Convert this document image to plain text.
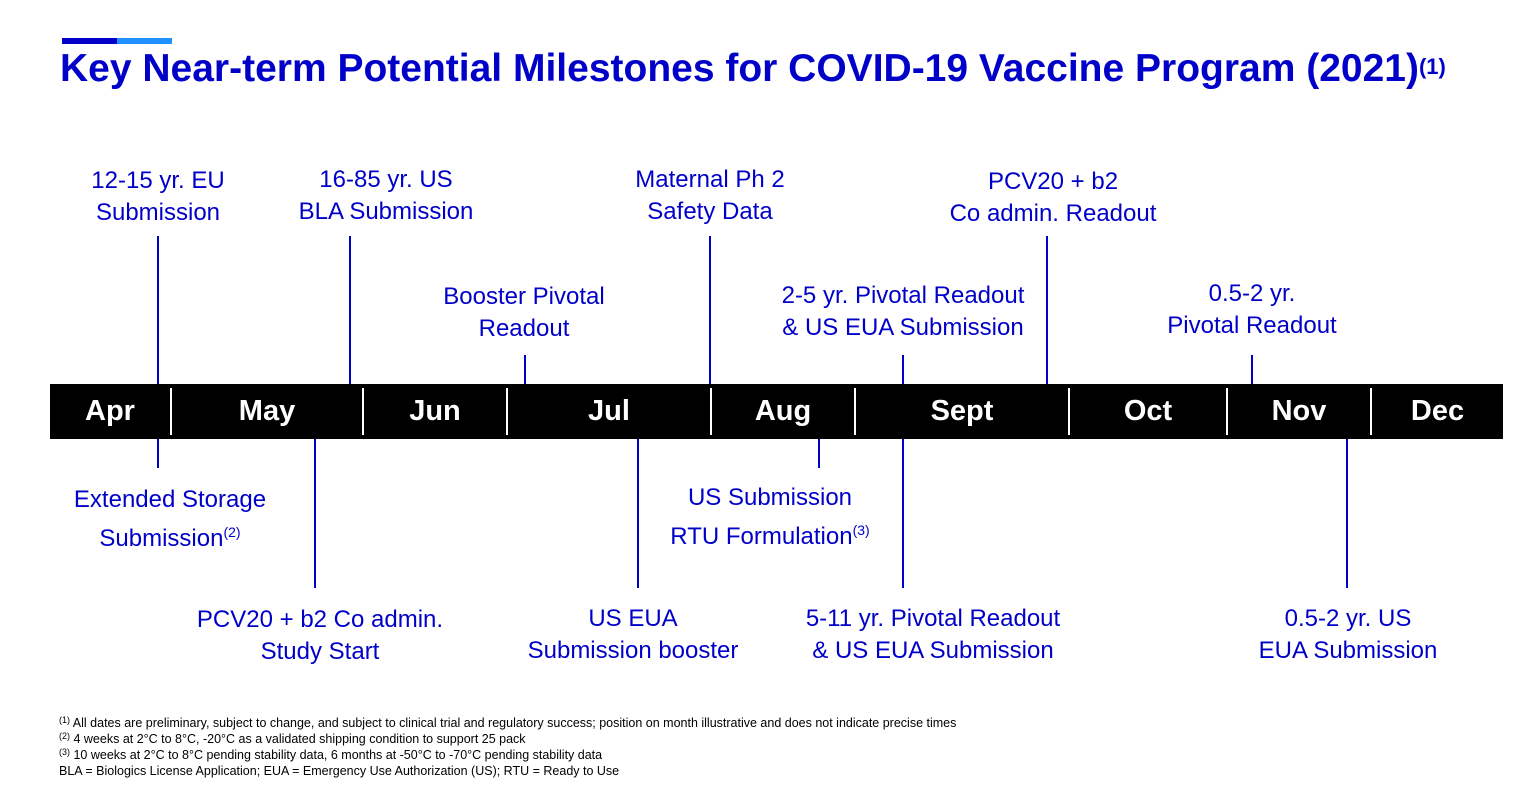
Key Near-term Potential Milestones for COVID-19 Vaccine Program $(2021)^{(1)}$
Apr	May	Jun	Jul	Aug	Sept	Oct	Nov	Dec
12-15 yr. EU
Submission
16-85 yr. US
BLA Submission
Booster Pivotal
Readout
Maternal Ph 2
Safety Data
2-5 yr. Pivotal Readout
& US EUA Submission
PCV20 + b2
Co admin. Readout
0.5-2 yr.
Pivotal Readout
Extended Storage
Submission$^{(2)}$
PCV20 + b2 Co admin.
Study Start
US EUA
Submission booster
US Submission
RTU Formulation$^{(3)}$
5-11 yr. Pivotal Readout
& US EUA Submission
0.5-2 yr. US
EUA Submission
$^{(1)}$ All dates are preliminary, subject to change, and subject to clinical trial and regulatory success; position on month illustrative and does not indicate precise times
$^{(2)}$ 4 weeks at 2°C to 8°C, -20°C as a validated shipping condition to support 25 pack
$^{(3)}$ 10 weeks at 2°C to 8°C pending stability data, 6 months at -50°C to -70°C pending stability data
BLA = Biologics License Application; EUA = Emergency Use Authorization (US); RTU = Ready to Use
